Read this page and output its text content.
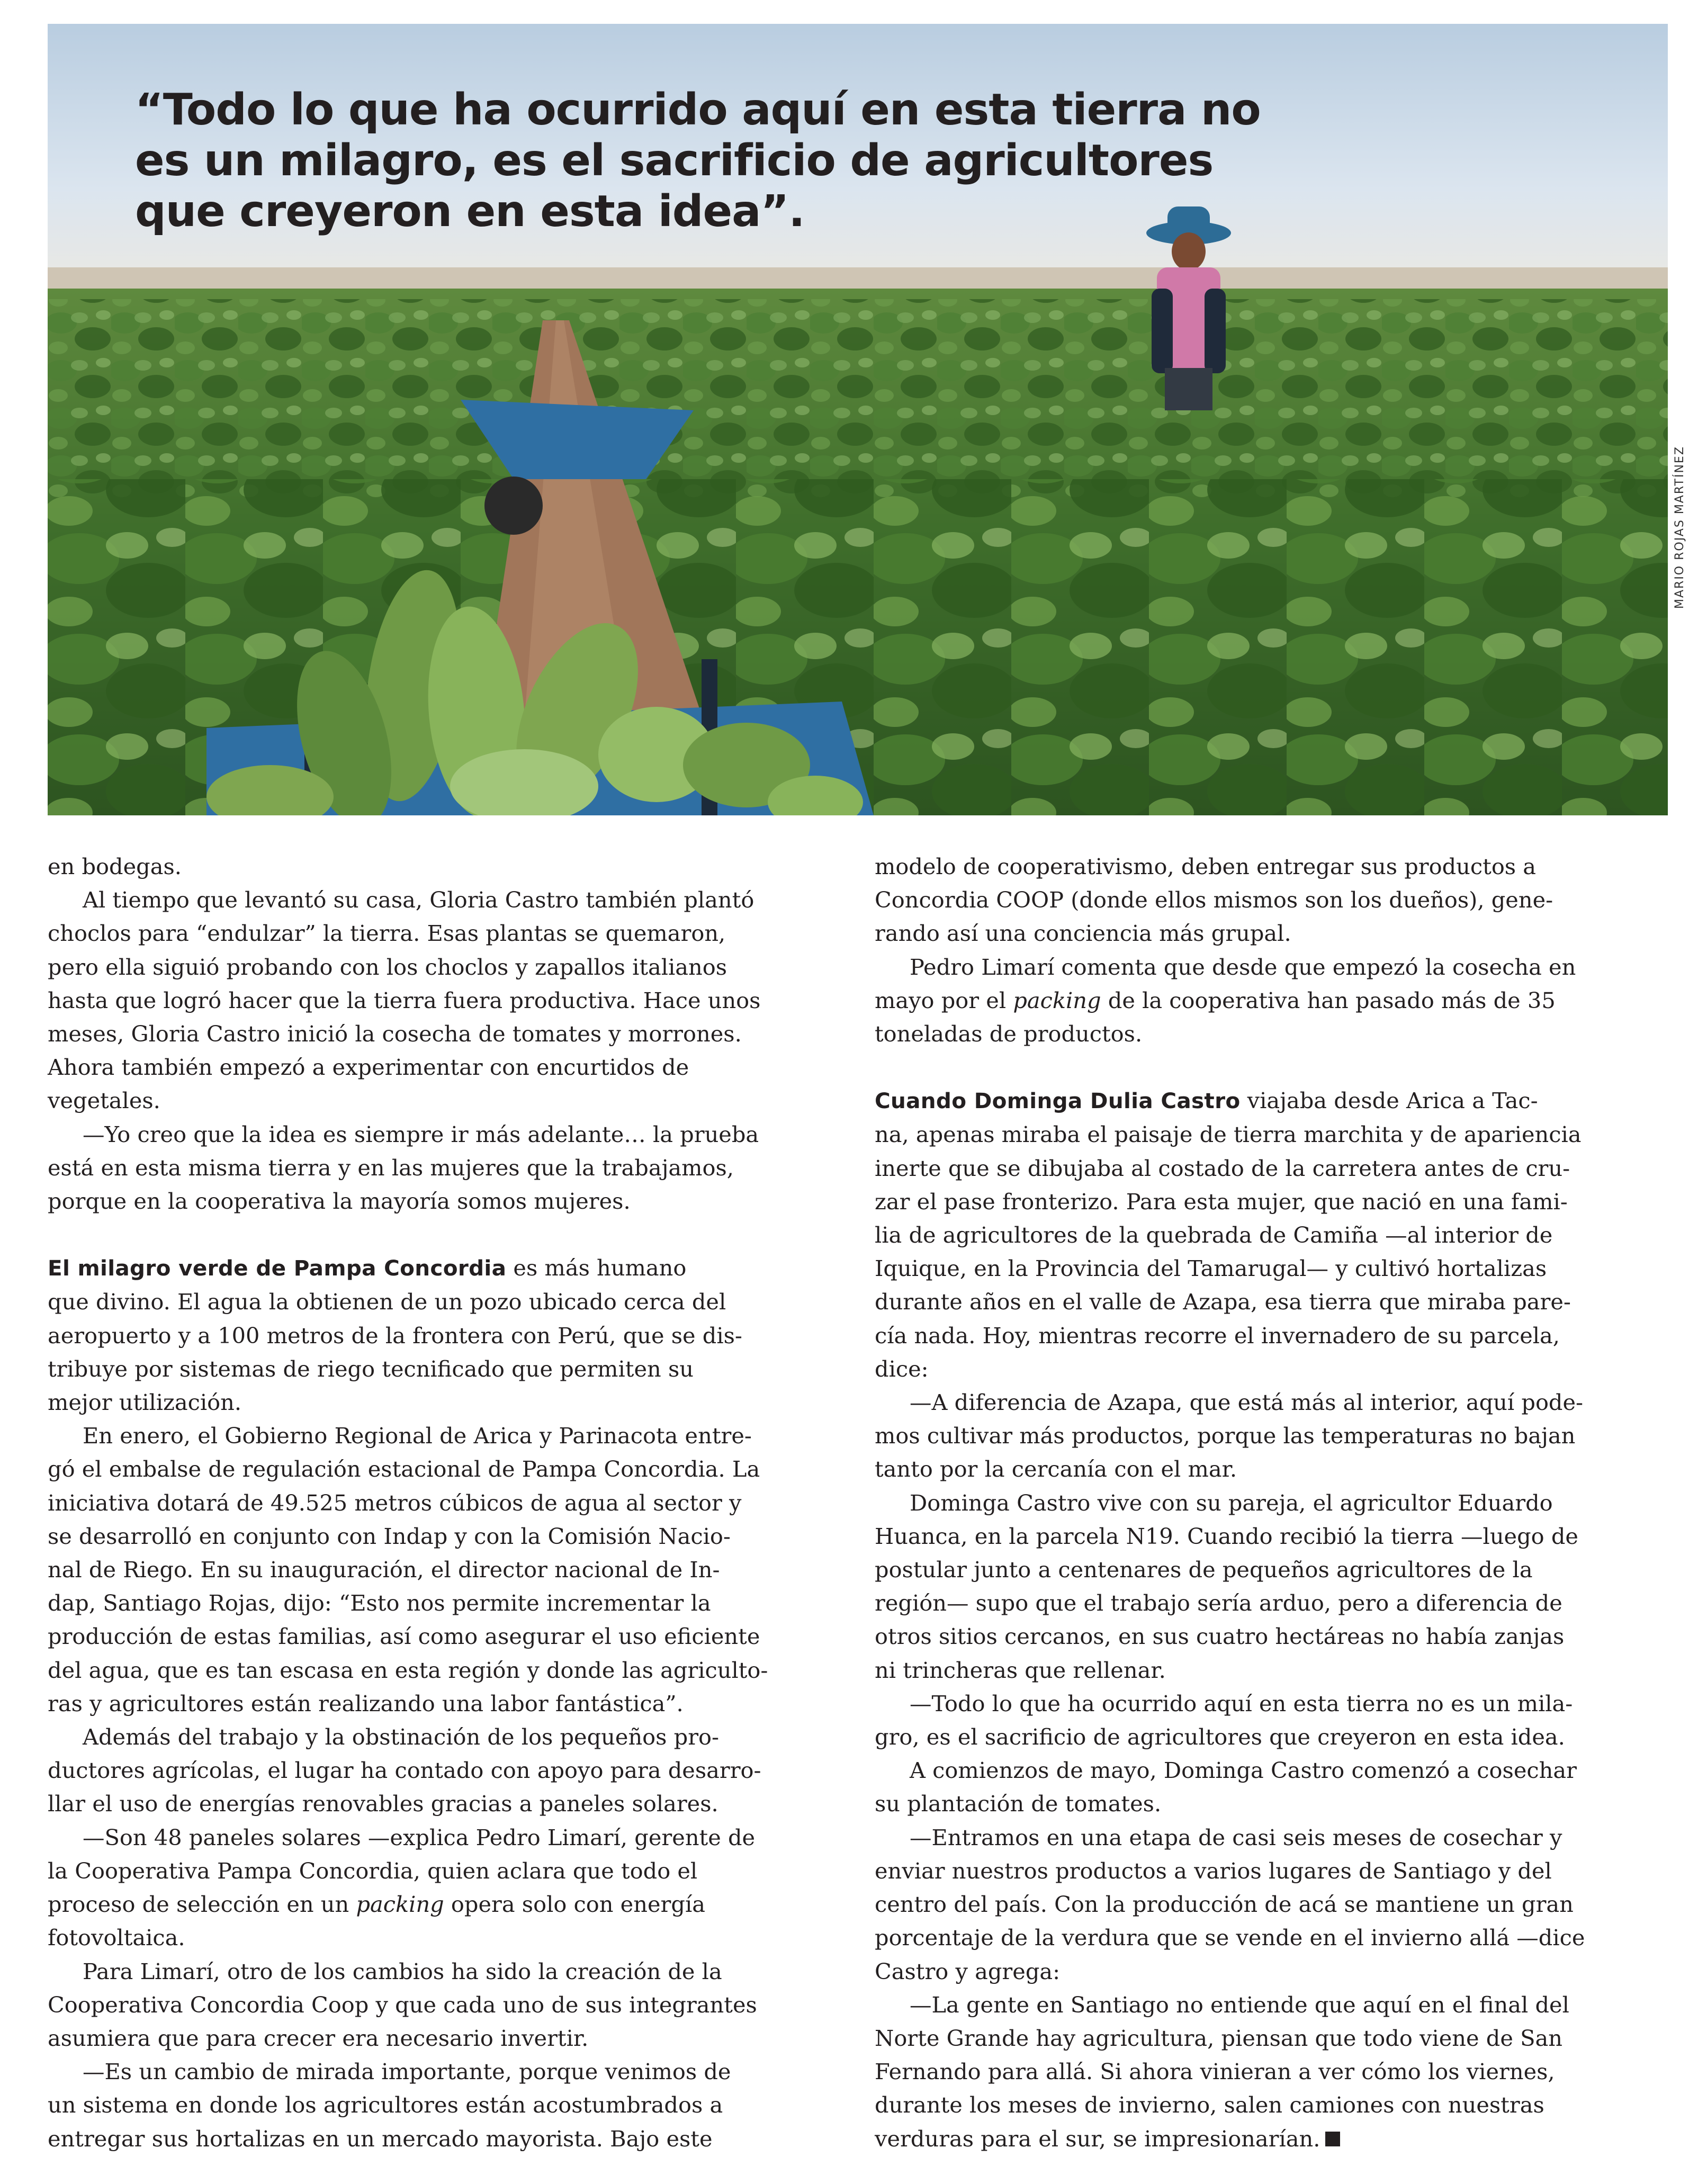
“Todo lo que ha ocurrido aquí en esta tierra no
es un milagro, es el sacrificio de agricultores
que creyeron en esta idea”.

MARIO ROJAS MARTÍNEZ

en bodegas.

Al tiempo que levantó su casa, Gloria Castro también plantó
choclos para “endulzar” la tierra. Esas plantas se quemaron,
pero ella siguió probando con los choclos y zapallos italianos
hasta que logró hacer que la tierra fuera productiva. Hace unos
meses, Gloria Castro inició la cosecha de tomates y morrones.
Ahora también empezó a experimentar con encurtidos de
vegetales.

—Yo creo que la idea es siempre ir más adelante… la prueba
está en esta misma tierra y en las mujeres que la trabajamos,
porque en la cooperativa la mayoría somos mujeres.

El milagro verde de Pampa Concordia es más humano
que divino. El agua la obtienen de un pozo ubicado cerca del
aeropuerto y a 100 metros de la frontera con Perú, que se dis-
tribuye por sistemas de riego tecnificado que permiten su
mejor utilización.

En enero, el Gobierno Regional de Arica y Parinacota entre-
gó el embalse de regulación estacional de Pampa Concordia. La
iniciativa dotará de 49.525 metros cúbicos de agua al sector y
se desarrolló en conjunto con Indap y con la Comisión Nacio-
nal de Riego. En su inauguración, el director nacional de In-
dap, Santiago Rojas, dijo: “Esto nos permite incrementar la
producción de estas familias, así como asegurar el uso eficiente
del agua, que es tan escasa en esta región y donde las agriculto-
ras y agricultores están realizando una labor fantástica”.

Además del trabajo y la obstinación de los pequeños pro-
ductores agrícolas, el lugar ha contado con apoyo para desarro-
llar el uso de energías renovables gracias a paneles solares.

—Son 48 paneles solares —explica Pedro Limarí, gerente de
la Cooperativa Pampa Concordia, quien aclara que todo el
proceso de selección en un packing opera solo con energía
fotovoltaica.

Para Limarí, otro de los cambios ha sido la creación de la
Cooperativa Concordia Coop y que cada uno de sus integrantes
asumiera que para crecer era necesario invertir.

—Es un cambio de mirada importante, porque venimos de
un sistema en donde los agricultores están acostumbrados a
entregar sus hortalizas en un mercado mayorista. Bajo este

modelo de cooperativismo, deben entregar sus productos a
Concordia COOP (donde ellos mismos son los dueños), gene-
rando así una conciencia más grupal.

Pedro Limarí comenta que desde que empezó la cosecha en
mayo por el packing de la cooperativa han pasado más de 35
toneladas de productos.

Cuando Dominga Dulia Castro viajaba desde Arica a Tac-
na, apenas miraba el paisaje de tierra marchita y de apariencia
inerte que se dibujaba al costado de la carretera antes de cru-
zar el pase fronterizo. Para esta mujer, que nació en una fami-
lia de agricultores de la quebrada de Camiña —al interior de
Iquique, en la Provincia del Tamarugal— y cultivó hortalizas
durante años en el valle de Azapa, esa tierra que miraba pare-
cía nada. Hoy, mientras recorre el invernadero de su parcela,
dice:

—A diferencia de Azapa, que está más al interior, aquí pode-
mos cultivar más productos, porque las temperaturas no bajan
tanto por la cercanía con el mar.

Dominga Castro vive con su pareja, el agricultor Eduardo
Huanca, en la parcela N19. Cuando recibió la tierra —luego de
postular junto a centenares de pequeños agricultores de la
región— supo que el trabajo sería arduo, pero a diferencia de
otros sitios cercanos, en sus cuatro hectáreas no había zanjas
ni trincheras que rellenar.

—Todo lo que ha ocurrido aquí en esta tierra no es un mila-
gro, es el sacrificio de agricultores que creyeron en esta idea.

A comienzos de mayo, Dominga Castro comenzó a cosechar
su plantación de tomates.

—Entramos en una etapa de casi seis meses de cosechar y
enviar nuestros productos a varios lugares de Santiago y del
centro del país. Con la producción de acá se mantiene un gran
porcentaje de la verdura que se vende en el invierno allá —dice
Castro y agrega:

—La gente en Santiago no entiende que aquí en el final del
Norte Grande hay agricultura, piensan que todo viene de San
Fernando para allá. Si ahora vinieran a ver cómo los viernes,
durante los meses de invierno, salen camiones con nuestras
verduras para el sur, se impresionarían.
